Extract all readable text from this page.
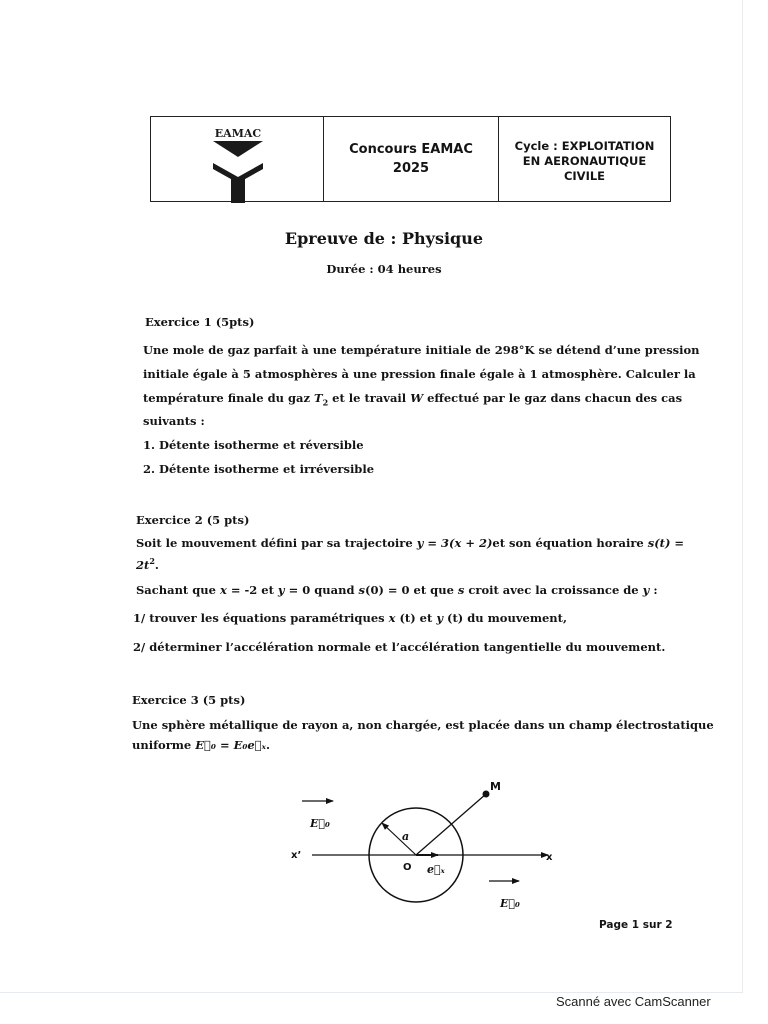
EAMAC
Concours EAMAC
2025
Cycle : EXPLOITATION
EN AERONAUTIQUE
CIVILE
Epreuve de : Physique
Durée : 04 heures
Exercice 1 (5pts)
Une mole de gaz parfait à une température initiale de 298°K se détend d’une pression
initiale égale à 5 atmosphères à une pression finale égale à 1 atmosphère. Calculer la
température finale du gaz $T_2$ et le travail W effectué par le gaz dans chacun des cas
suivants :
1. Détente isotherme et réversible
2. Détente isotherme et irréversible
Exercice 2 (5 pts)
Soit le mouvement défini par sa trajectoire y = 3(x + 2)et son équation horaire s(t) =
$2t^2$.
Sachant que x = -2 et y = 0 quand s(0) = 0 et que s croit avec la croissance de y :
1/ trouver les équations paramétriques x (t) et y (t) du mouvement,
2/ déterminer l’accélération normale et l’accélération tangentielle du mouvement.
Exercice 3 (5 pts)
Une sphère métallique de rayon a, non chargée, est placée dans un champ électrostatique
uniforme E⃗₀ = E₀e⃗ₓ.
M
a
O
x
x’
e⃗ₓ
E⃗₀
E⃗₀
Page 1 sur 2
Scanné avec CamScanner
